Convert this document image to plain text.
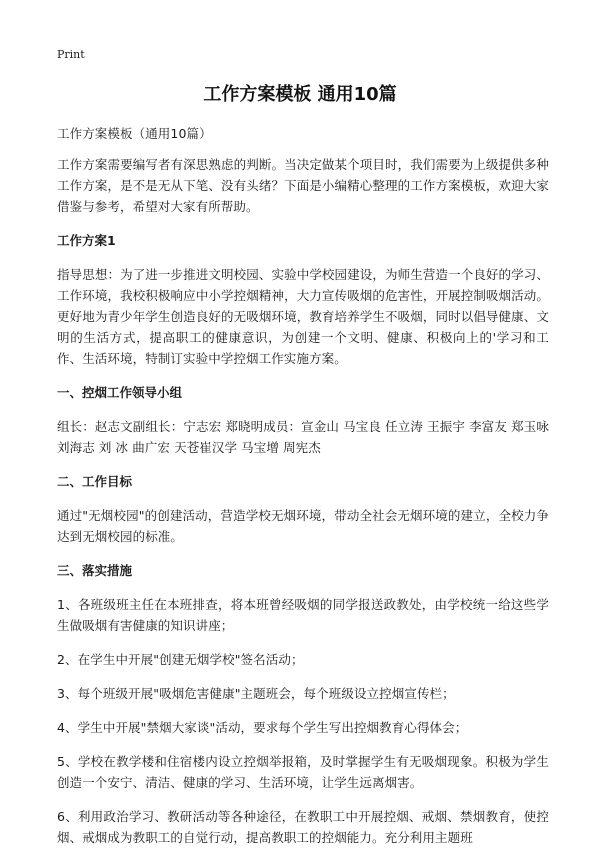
Print
工作方案模板 通用10篇

工作方案模板（通用10篇）

工作方案需要编写者有深思熟虑的判断。当决定做某个项目时，我们需要为上级提供多种工作方案，是不是无从下笔、没有头绪？下面是小编精心整理的工作方案模板，欢迎大家借鉴与参考，希望对大家有所帮助。

工作方案1

指导思想：为了进一步推进文明校园、实验中学校园建设，为师生营造一个良好的学习、工作环境，我校积极响应中小学控烟精神，大力宣传吸烟的危害性，开展控制吸烟活动。更好地为青少年学生创造良好的无吸烟环境，教育培养学生不吸烟，同时以倡导健康、文明的生活方式，提高职工的健康意识，为创建一个文明、健康、积极向上的'学习和工作、生活环境，特制订实验中学控烟工作实施方案。

一、控烟工作领导小组

组长：赵志文副组长：宁志宏 郑晓明成员：宣金山 马宝良 任立涛 王振宇 李富友 郑玉咏刘海志 刘 冰 曲广宏 天苍崔汉学 马宝增 周宪杰

二、工作目标

通过"无烟校园"的创建活动，营造学校无烟环境，带动全社会无烟环境的建立，全校力争达到无烟校园的标准。

三、落实措施

1、各班级班主任在本班排查，将本班曾经吸烟的同学报送政教处，由学校统一给这些学生做吸烟有害健康的知识讲座；

2、在学生中开展"创建无烟学校"签名活动；

3、每个班级开展"吸烟危害健康"主题班会，每个班级设立控烟宣传栏；

4、学生中开展"禁烟大家谈"活动，要求每个学生写出控烟教育心得体会；

5、学校在教学楼和住宿楼内设立控烟举报箱，及时掌握学生有无吸烟现象。积极为学生创造一个安宁、清洁、健康的学习、生活环境，让学生远离烟害。

6、利用政治学习、教研活动等各种途径，在教职工中开展控烟、戒烟、禁烟教育，使控烟、戒烟成为教职工的自觉行动，提高教职工的控烟能力。充分利用主题班
